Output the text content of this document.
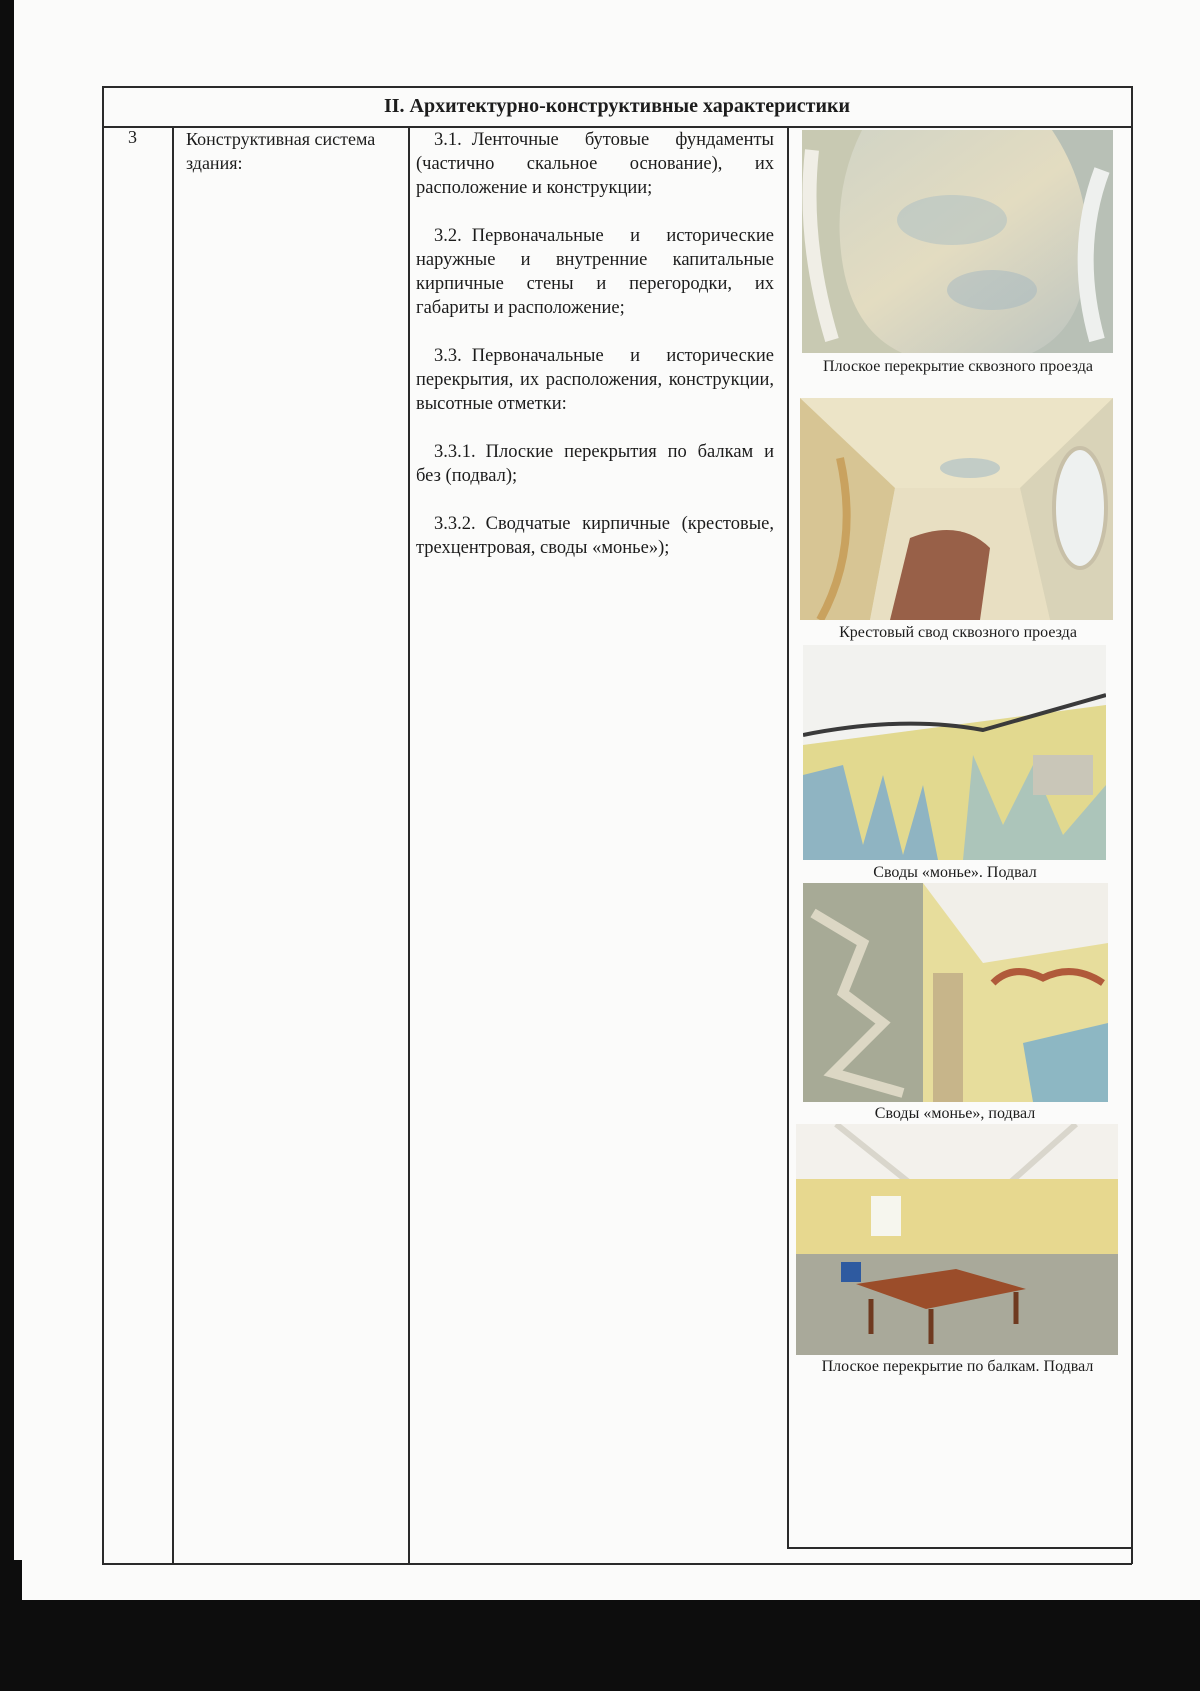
II. Архитектурно-конструктивные характеристики
3	Конструктивная система здания:

3.1. Ленточные бутовые фундаменты (частично скальное основание), их расположение и конструкции;

3.2. Первоначальные и исторические наружные и внутренние капитальные кирпичные стены и перегородки, их габариты и расположение;

3.3. Первоначальные и исторические перекрытия, их расположения, конструкции, высотные отметки:

3.3.1. Плоские перекрытия по балкам и без (подвал);

3.3.2. Сводчатые кирпичные (крестовые, трехцентровая, своды «монье»);

Плоское перекрытие сквозного проезда
Крестовый свод сквозного проезда
Своды «монье». Подвал
Своды «монье», подвал
Плоское перекрытие по балкам. Подвал
